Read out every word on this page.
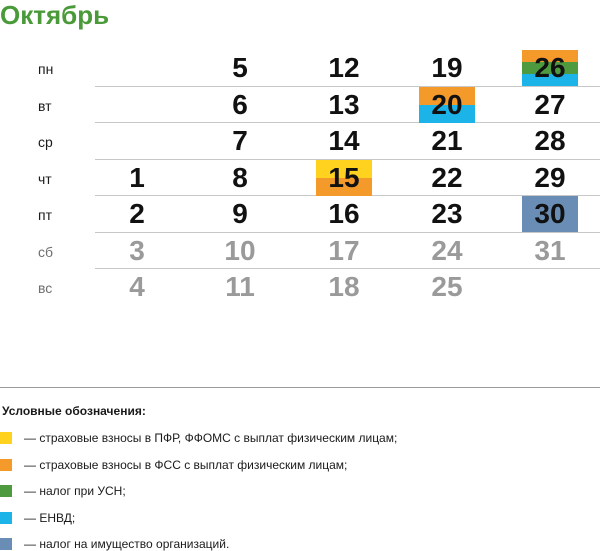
Октябрь
пн
вт
ср
чт
пт
сб
вс
1
2
3
4
5
6
7
8
9
10
11
12
13
14
15
16
17
18
19
20
21
22
23
24
25
26
27
28
29
30
31
Условные обозначения:
— страховые взносы в ПФР, ФФОМС с выплат физическим лицам;
— страховые взносы в ФСС с выплат физическим лицам;
— налог при УСН;
— ЕНВД;
— налог на имущество организаций.
